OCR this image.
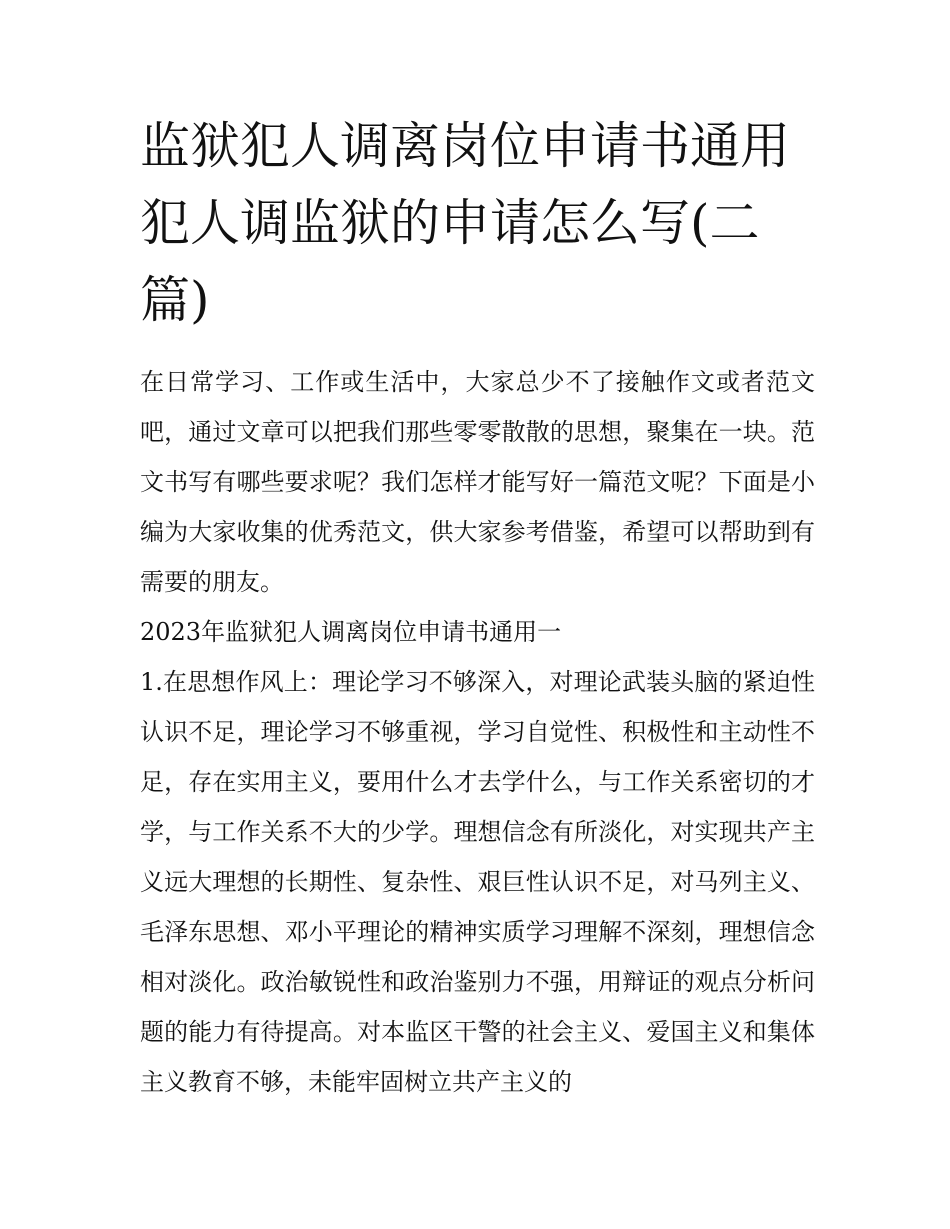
监狱犯人调离岗位申请书通用犯人调监狱的申请怎么写(二篇)

在日常学习、工作或生活中，大家总少不了接触作文或者范文吧，通过文章可以把我们那些零零散散的思想，聚集在一块。范文书写有哪些要求呢？我们怎样才能写好一篇范文呢？下面是小编为大家收集的优秀范文，供大家参考借鉴，希望可以帮助到有需要的朋友。

2023年监狱犯人调离岗位申请书通用一

1.在思想作风上：理论学习不够深入，对理论武装头脑的紧迫性认识不足，理论学习不够重视，学习自觉性、积极性和主动性不足，存在实用主义，要用什么才去学什么，与工作关系密切的才学，与工作关系不大的少学。理想信念有所淡化，对实现共产主义远大理想的长期性、复杂性、艰巨性认识不足，对马列主义、毛泽东思想、邓小平理论的精神实质学习理解不深刻，理想信念相对淡化。政治敏锐性和政治鉴别力不强，用辩证的观点分析问题的能力有待提高。对本监区干警的社会主义、爱国主义和集体主义教育不够，未能牢固树立共产主义的
